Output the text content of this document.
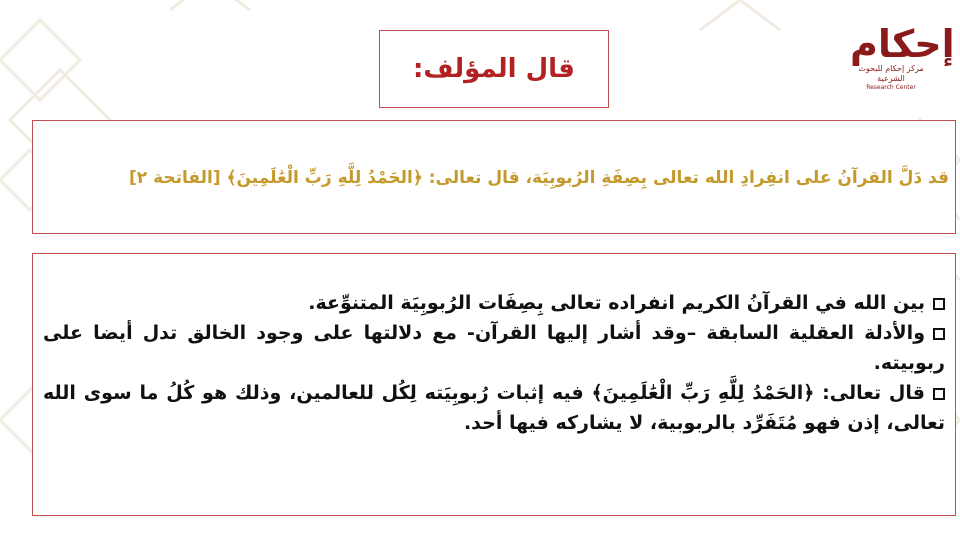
إحكام
مركز إحكام للبحوث الشرعية
Research Center
قال المؤلف:
قد دَلَّ القرآنُ على انفِرادِ الله تعالى بِصِفَةِ الرُبوبِيَة، قال تعالى: ﴿الحَمْدُ لِلَّهِ رَبِّ الْعَٰلَمِينَ﴾ [الفاتحة ٢]

بين الله في القرآنُ الكريم انفراده تعالى بِصِفَات الرُبوبِيَة المتنوِّعة.
والأدلة العقلية السابقة –وقد أشار إليها القرآن- مع دلالتها على وجود الخالق تدل أيضا على ربوبيته.
قال تعالى: ﴿الحَمْدُ لِلَّهِ رَبِّ الْعَٰلَمِينَ﴾ فيه إثبات رُبوبِيَته لِكُل للعالمين، وذلك هو كُلُ ما سوى الله تعالى، إذن فهو مُتَفَرِّد بالربوبية، لا يشاركه فيها أحد.
